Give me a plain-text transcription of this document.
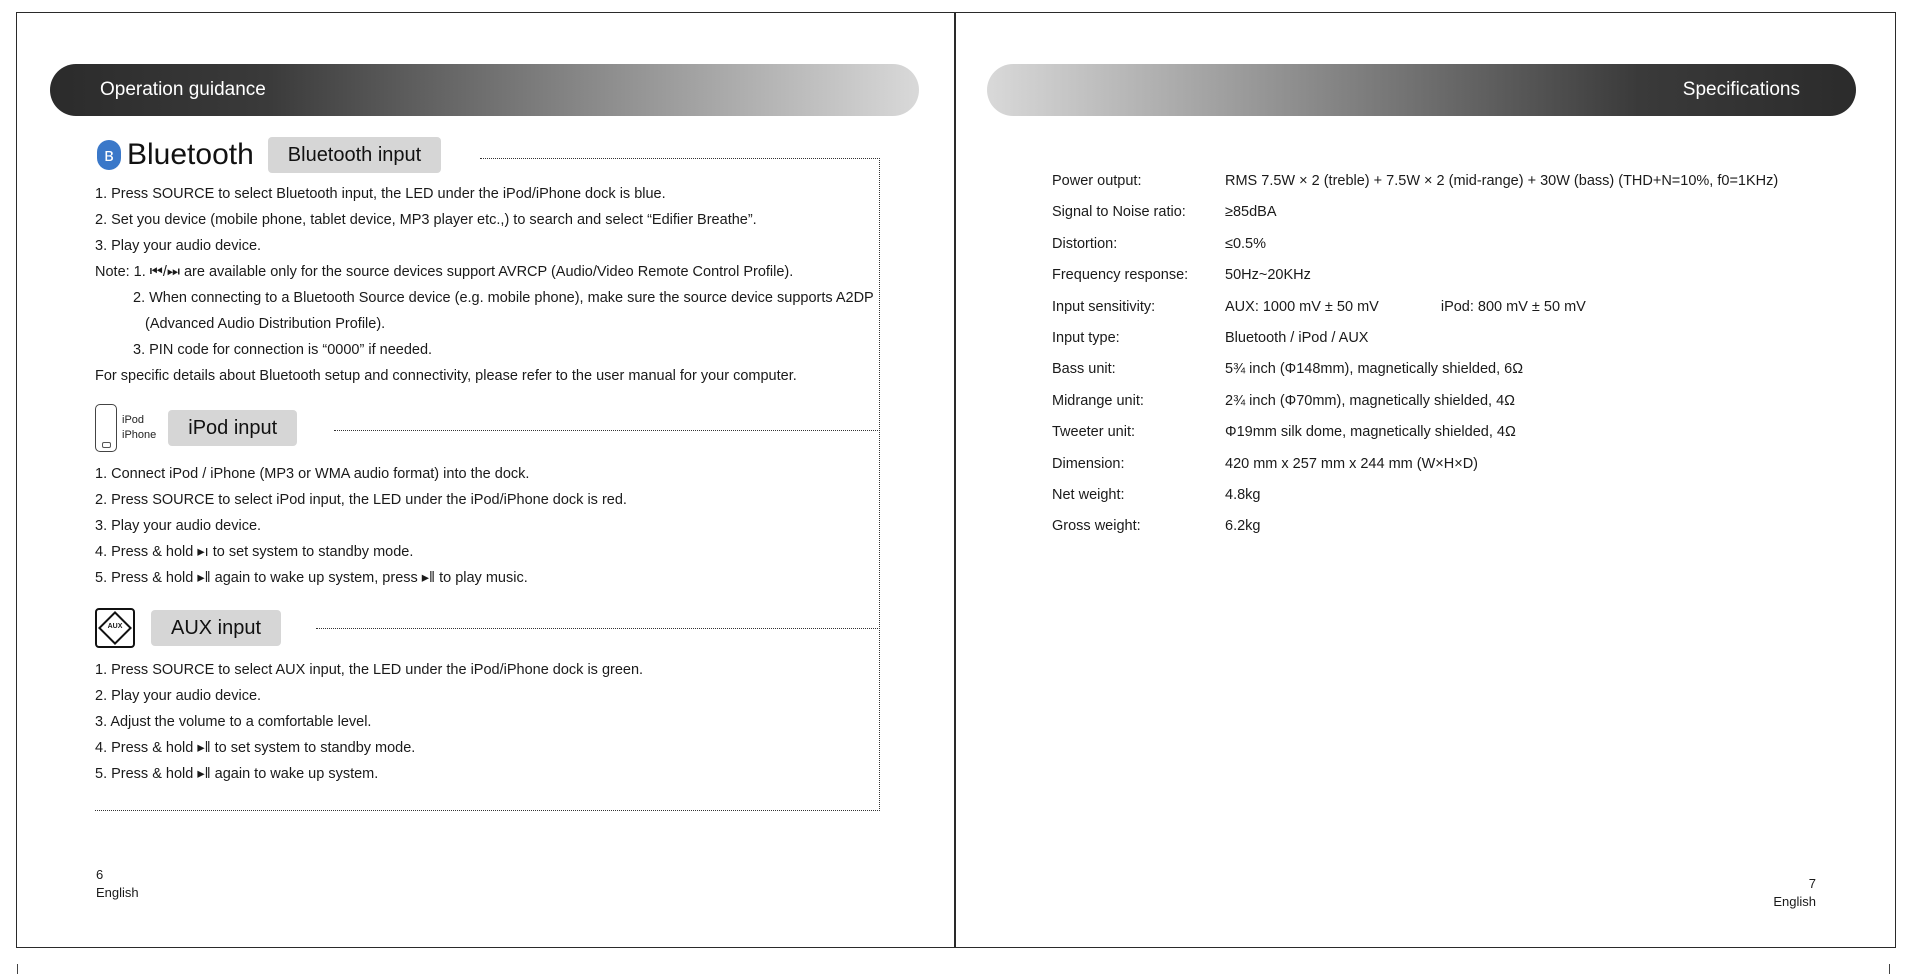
Operation guidance
ʙ Bluetooth	Bluetooth input
1. Press SOURCE to select Bluetooth input, the LED under the iPod/iPhone dock is blue.
2. Set you device (mobile phone, tablet device, MP3 player etc.,) to search and select “Edifier Breathe”.
3. Play your audio device.
Note: 1. ⏮/⏭ are available only for the source devices support AVRCP (Audio/Video Remote Control Profile).
2. When connecting to a Bluetooth Source device (e.g. mobile phone), make sure the source device supports A2DP
(Advanced Audio Distribution Profile).
3. PIN code for connection is “0000” if needed.
For specific details about Bluetooth setup and connectivity, please refer to the user manual for your computer.
iPod
iPhone	iPod input
1. Connect iPod / iPhone (MP3 or WMA audio format) into the dock.
2. Press SOURCE to select iPod input, the LED under the iPod/iPhone dock is red.
3. Play your audio device.
4. Press & hold ▸ı to set system to standby mode.
5. Press & hold ▸‖ again to wake up system, press ▸‖ to play music.
AUX	AUX input
1. Press SOURCE to select AUX input, the LED under the iPod/iPhone dock is green.
2. Play your audio device.
3. Adjust the volume to a comfortable level.
4. Press & hold ▸‖ to set system to standby mode.
5. Press & hold ▸‖ again to wake up system.
6
English
Specifications
Power output:	RMS 7.5W × 2 (treble) + 7.5W × 2 (mid-range) + 30W (bass) (THD+N=10%, f0=1KHz)
Signal to Noise ratio:	≥85dBA
Distortion:	≤0.5%
Frequency response:	50Hz~20KHz
Input sensitivity:	AUX: 1000 mV ± 50 mV	iPod: 800 mV ± 50 mV
Input type:	Bluetooth / iPod / AUX
Bass unit:	5¾ inch (Φ148mm), magnetically shielded, 6Ω
Midrange unit:	2¾ inch (Φ70mm), magnetically shielded, 4Ω
Tweeter unit:	Φ19mm silk dome, magnetically shielded, 4Ω
Dimension:	420 mm x 257 mm x 244 mm (W×H×D)
Net weight:	4.8kg
Gross weight:	6.2kg
7
English
